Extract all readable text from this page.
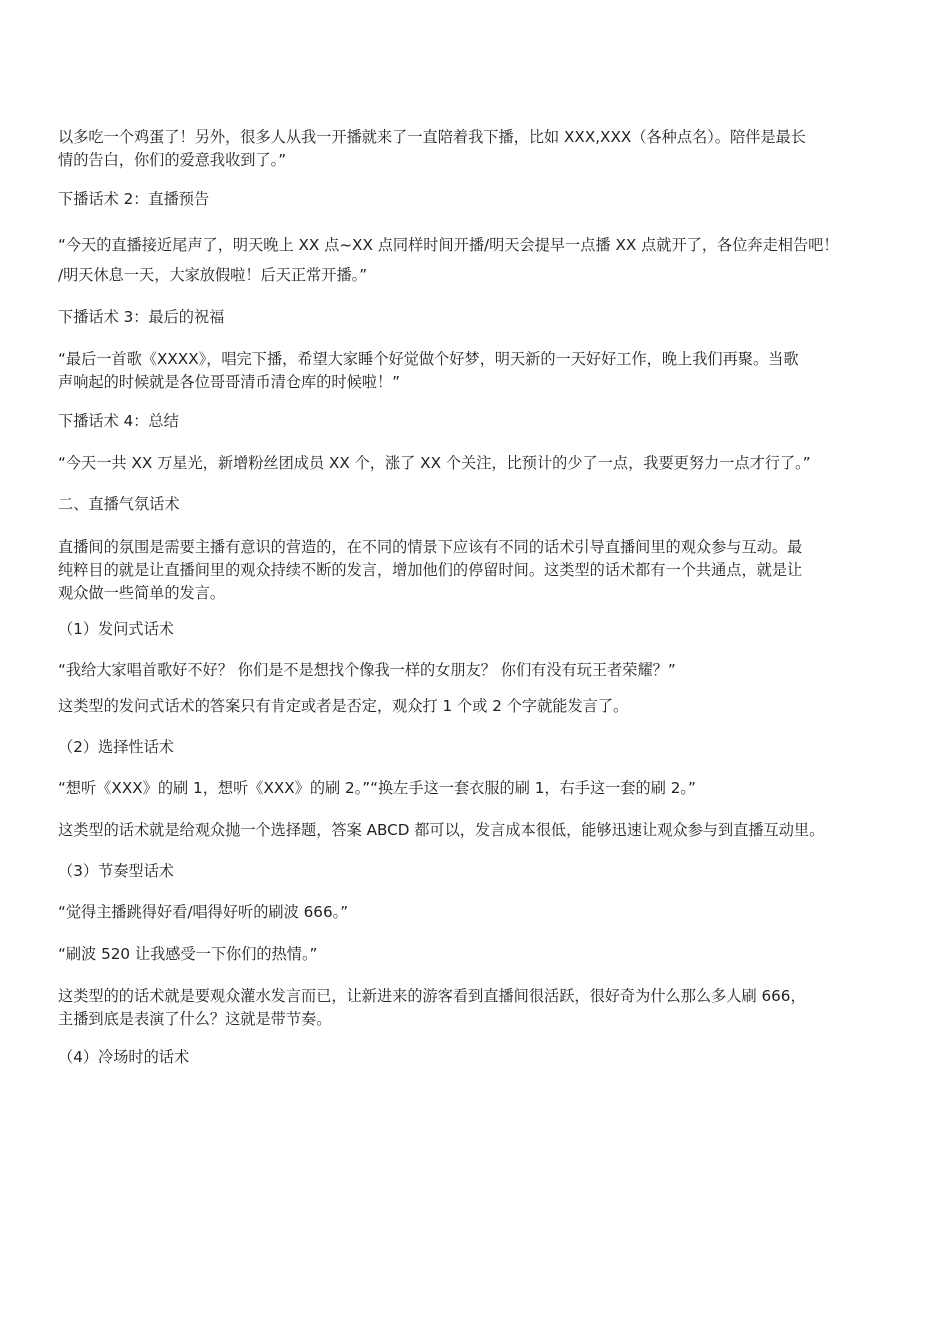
以多吃一个鸡蛋了！另外，很多人从我一开播就来了一直陪着我下播，比如 XXX,XXX（各种点名）。陪伴是最长
情的告白，你们的爱意我收到了。”

下播话术 2：直播预告

“今天的直播接近尾声了，明天晚上 XX 点~XX 点同样时间开播/明天会提早一点播 XX 点就开了，各位奔走相告吧！
/明天休息一天，大家放假啦！后天正常开播。”

下播话术 3：最后的祝福

“最后一首歌《XXXX》，唱完下播，希望大家睡个好觉做个好梦，明天新的一天好好工作，晚上我们再聚。当歌
声响起的时候就是各位哥哥清币清仓库的时候啦！”

下播话术 4：总结

“今天一共 XX 万星光，新增粉丝团成员 XX 个，涨了 XX 个关注，比预计的少了一点，我要更努力一点才行了。”

二、直播气氛话术

直播间的氛围是需要主播有意识的营造的，在不同的情景下应该有不同的话术引导直播间里的观众参与互动。最
纯粹目的就是让直播间里的观众持续不断的发言，增加他们的停留时间。这类型的话术都有一个共通点，就是让
观众做一些简单的发言。

（1）发问式话术

“我给大家唱首歌好不好？ 你们是不是想找个像我一样的女朋友？ 你们有没有玩王者荣耀？”

这类型的发问式话术的答案只有肯定或者是否定，观众打 1 个或 2 个字就能发言了。

（2）选择性话术

“想听《XXX》的刷 1，想听《XXX》的刷 2。”“换左手这一套衣服的刷 1，右手这一套的刷 2。”

这类型的话术就是给观众抛一个选择题，答案 ABCD 都可以，发言成本很低，能够迅速让观众参与到直播互动里。

（3）节奏型话术

“觉得主播跳得好看/唱得好听的刷波 666。”

“刷波 520 让我感受一下你们的热情。”

这类型的的话术就是要观众灌水发言而已，让新进来的游客看到直播间很活跃，很好奇为什么那么多人刷 666，
主播到底是表演了什么？这就是带节奏。

（4）冷场时的话术
